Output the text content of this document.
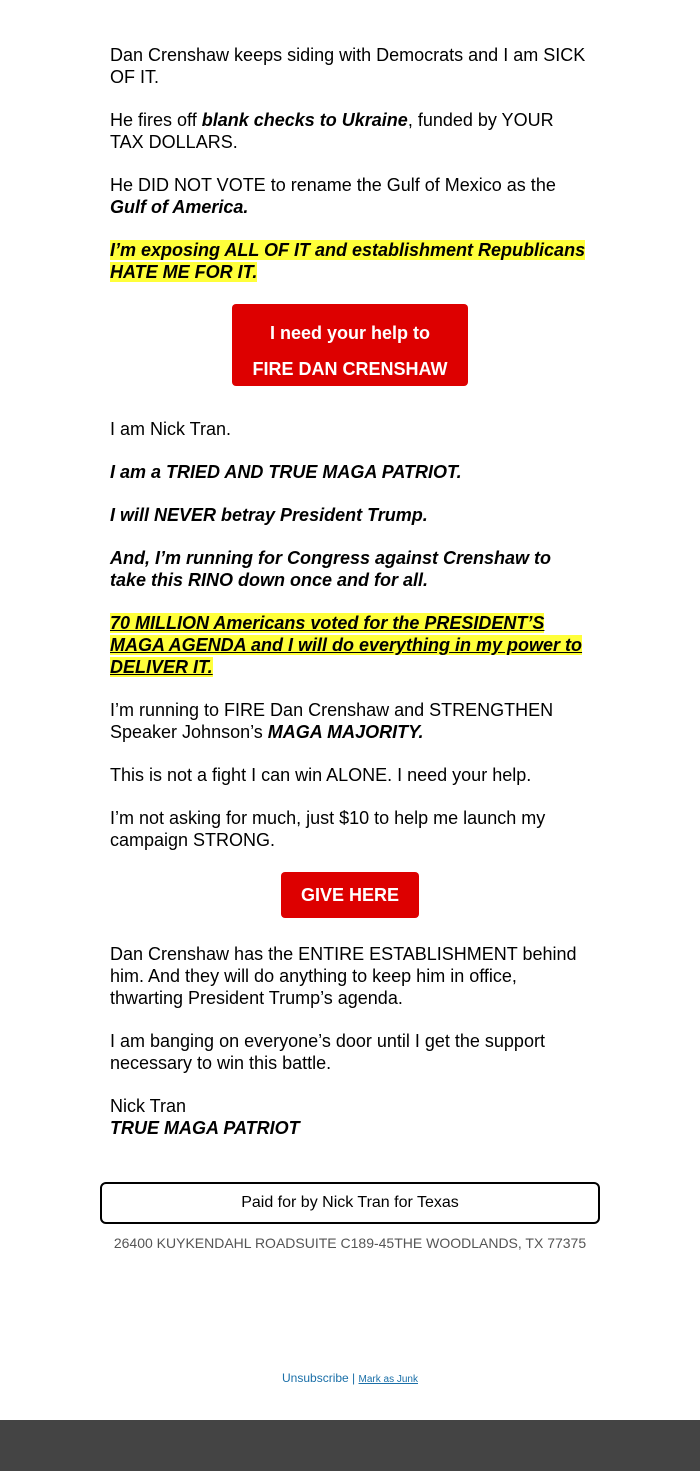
Dan Crenshaw keeps siding with Democrats and I am SICK OF IT.

He fires off blank checks to Ukraine, funded by YOUR TAX DOLLARS.

He DID NOT VOTE to rename the Gulf of Mexico as the Gulf of America.

I’m exposing ALL OF IT and establishment Republicans HATE ME FOR IT.

I need your help to
FIRE DAN CRENSHAW

I am Nick Tran.

I am a TRIED AND TRUE MAGA PATRIOT.

I will NEVER betray President Trump.

And, I’m running for Congress against Crenshaw to take this RINO down once and for all.

70 MILLION Americans voted for the PRESIDENT’S MAGA AGENDA and I will do everything in my power to DELIVER IT.

I’m running to FIRE Dan Crenshaw and STRENGTHEN Speaker Johnson’s MAGA MAJORITY.

This is not a fight I can win ALONE. I need your help.

I’m not asking for much, just $10 to help me launch my campaign STRONG.

GIVE HERE

Dan Crenshaw has the ENTIRE ESTABLISHMENT behind him. And they will do anything to keep him in office, thwarting President Trump’s agenda.

I am banging on everyone’s door until I get the support necessary to win this battle.

Nick Tran

TRUE MAGA PATRIOT

Paid for by Nick Tran for Texas
26400 KUYKENDAHL ROADSUITE C189-45THE WOODLANDS, TX 77375
Unsubscribe | Mark as Junk
